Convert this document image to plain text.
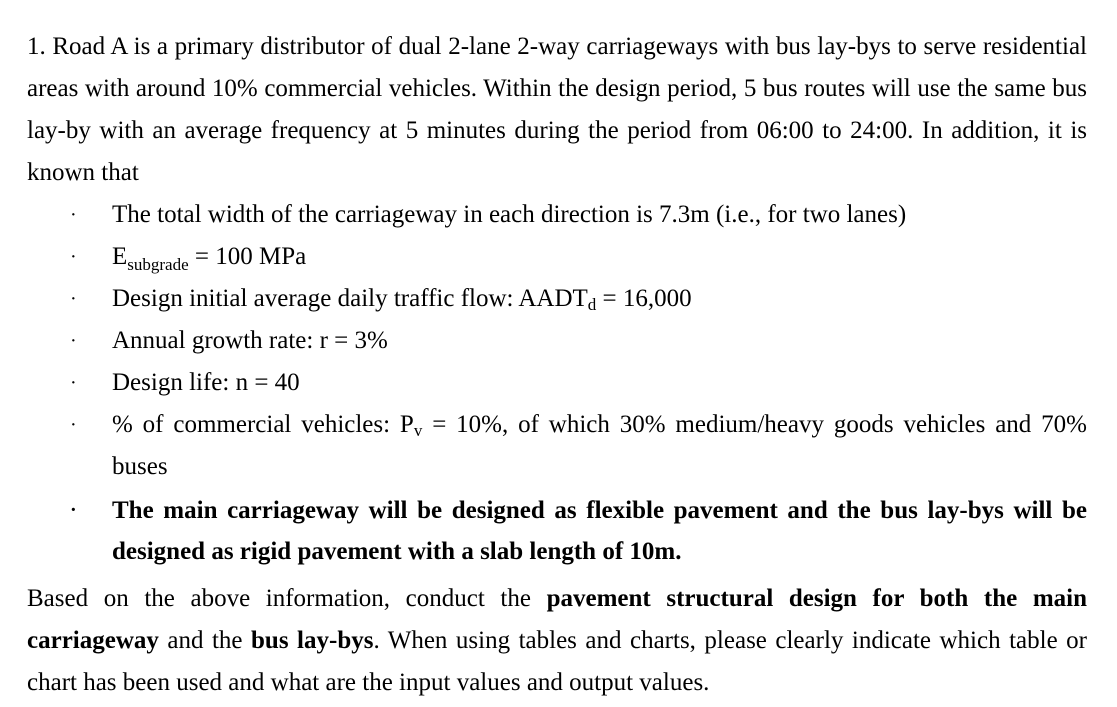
1. Road A is a primary distributor of dual 2-lane 2-way carriageways with bus lay-bys to serve residential areas with around 10% commercial vehicles. Within the design period, 5 bus routes will use the same bus lay-by with an average frequency at 5 minutes during the period from 06:00 to 24:00. In addition, it is known that

· The total width of the carriageway in each direction is 7.3m (i.e., for two lanes)
· $E_{subgrade} = 100$ MPa
· Design initial average daily traffic flow: AADTd = 16,000
· Annual growth rate: r = 3%
· Design life: n = 40
· % of commercial vehicles: Pv = 10%, of which 30% medium/heavy goods vehicles and 70% buses
· The main carriageway will be designed as flexible pavement and the bus lay-bys will be designed as rigid pavement with a slab length of 10m.

Based on the above information, conduct the pavement structural design for both the main carriageway and the bus lay-bys. When using tables and charts, please clearly indicate which table or chart has been used and what are the input values and output values.
